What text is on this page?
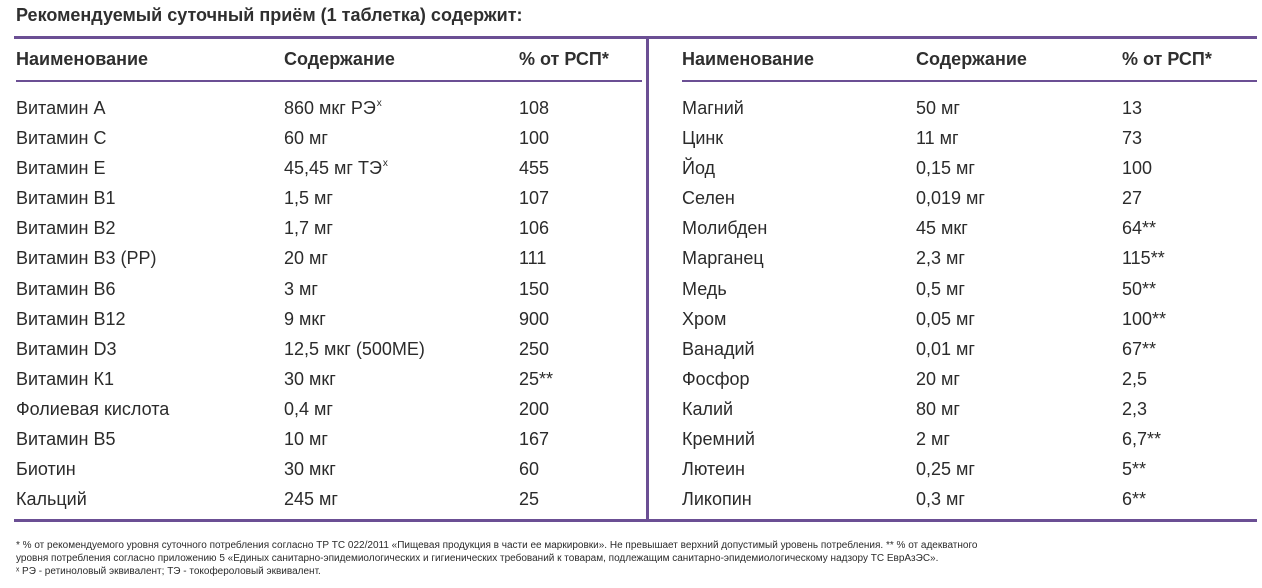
Рекомендуемый суточный приём (1 таблетка) содержит:
Наименование	Содержание	% от РСП*
Витамин А	860 мкг $РЭ^x$	108
Витамин С	60 мг	100
Витамин Е	45,45 мг $ТЭ^x$	455
Витамин В1	1,5 мг	107
Витамин В2	1,7 мг	106
Витамин В3 (РР)	20 мг	111
Витамин В6	3 мг	150
Витамин В12	9 мкг	900
Витамин D3	12,5 мкг (500МЕ)	250
Витамин К1	30 мкг	25**
Фолиевая кислота	0,4 мг	200
Витамин В5	10 мг	167
Биотин	30 мкг	60
Кальций	245 мг	25
Наименование	Содержание	% от РСП*
Магний	50 мг	13
Цинк	11 мг	73
Йод	0,15 мг	100
Селен	0,019 мг	27
Молибден	45 мкг	64**
Марганец	2,3 мг	115**
Медь	0,5 мг	50**
Хром	0,05 мг	100**
Ванадий	0,01 мг	67**
Фосфор	20 мг	2,5
Калий	80 мг	2,3
Кремний	2 мг	6,7**
Лютеин	0,25 мг	5**
Ликопин	0,3 мг	6**
* % от рекомендуемого уровня суточного потребления согласно ТР ТС 022/2011 «Пищевая продукция в части ее маркировки». Не превышает верхний допустимый уровень потребления. ** % от адекватного
уровня потребления согласно приложению 5 «Единых санитарно-эпидемиологических и гигиенических требований к товарам, подлежащим санитарно-эпидемиологическому надзору ТС ЕврАзЭС».
ˣ РЭ - ретиноловый эквивалент; ТЭ - токофероловый эквивалент.
